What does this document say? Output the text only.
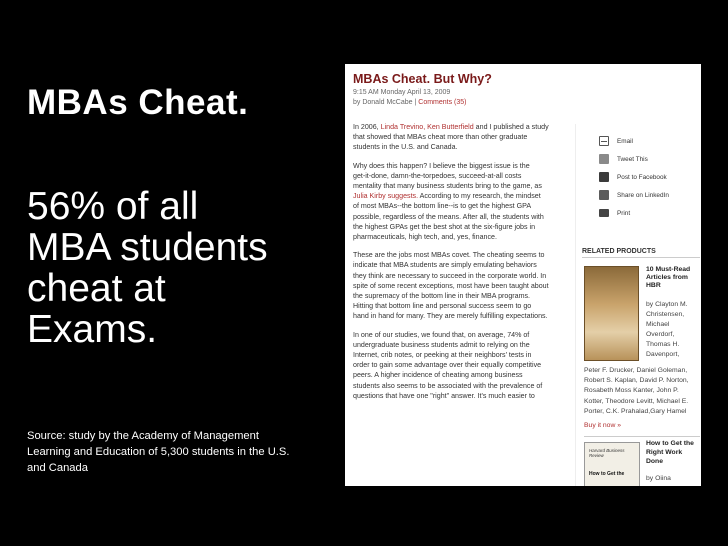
MBAs Cheat.
56% of all
MBA students
cheat at
Exams.
Source: study by the Academy of Management
Learning and Education of 5,300 students in the U.S.
and Canada
MBAs Cheat. But Why?
9:15 AM Monday April 13, 2009
by Donald McCabe | Comments (35)

In 2006, Linda Trevino, Ken Butterfield and I published a study
that showed that MBAs cheat more than other graduate
students in the U.S. and Canada.

Why does this happen? I believe the biggest issue is the
get-it-done, damn-the-torpedoes, succeed-at-all costs
mentality that many business students bring to the game, as
Julia Kirby suggests. According to my research, the mindset
of most MBAs--the bottom line--is to get the highest GPA
possible, regardless of the means. After all, the students with
the highest GPAs get the best shot at the six-figure jobs in
pharmaceuticals, high tech, and, yes, finance.

These are the jobs most MBAs covet. The cheating seems to
indicate that MBA students are simply emulating behaviors
they think are necessary to succeed in the corporate world. In
spite of some recent exceptions, most have been taught about
the supremacy of the bottom line in their MBA programs.
Hitting that bottom line and personal success seem to go
hand in hand for many. They are merely fulfilling expectations.

In one of our studies, we found that, on average, 74% of
undergraduate business students admit to relying on the
Internet, crib notes, or peeking at their neighbors' tests in
order to gain some advantage over their equally competitive
peers. A higher incidence of cheating among business
students also seems to be associated with the prevalence of
questions that have one "right" answer. It's much easier to

Email
Tweet This
Post to Facebook
Share on LinkedIn
Print
RELATED PRODUCTS
10 Must-Read
Articles from
HBR
by Clayton M.
Christensen,
Michael
Overdorf,
Thomas H.
Davenport,
Peter F. Drucker, Daniel Goleman,
Robert S. Kaplan, David P. Norton,
Rosabeth Moss Kanter, John P.
Kotter, Theodore Levitt, Michael E.
Porter, C.K. Prahalad,Gary Hamel
Buy it now »
Harvard Business Review
How to Get the
How to Get the
Right Work
Done
by Oiina
